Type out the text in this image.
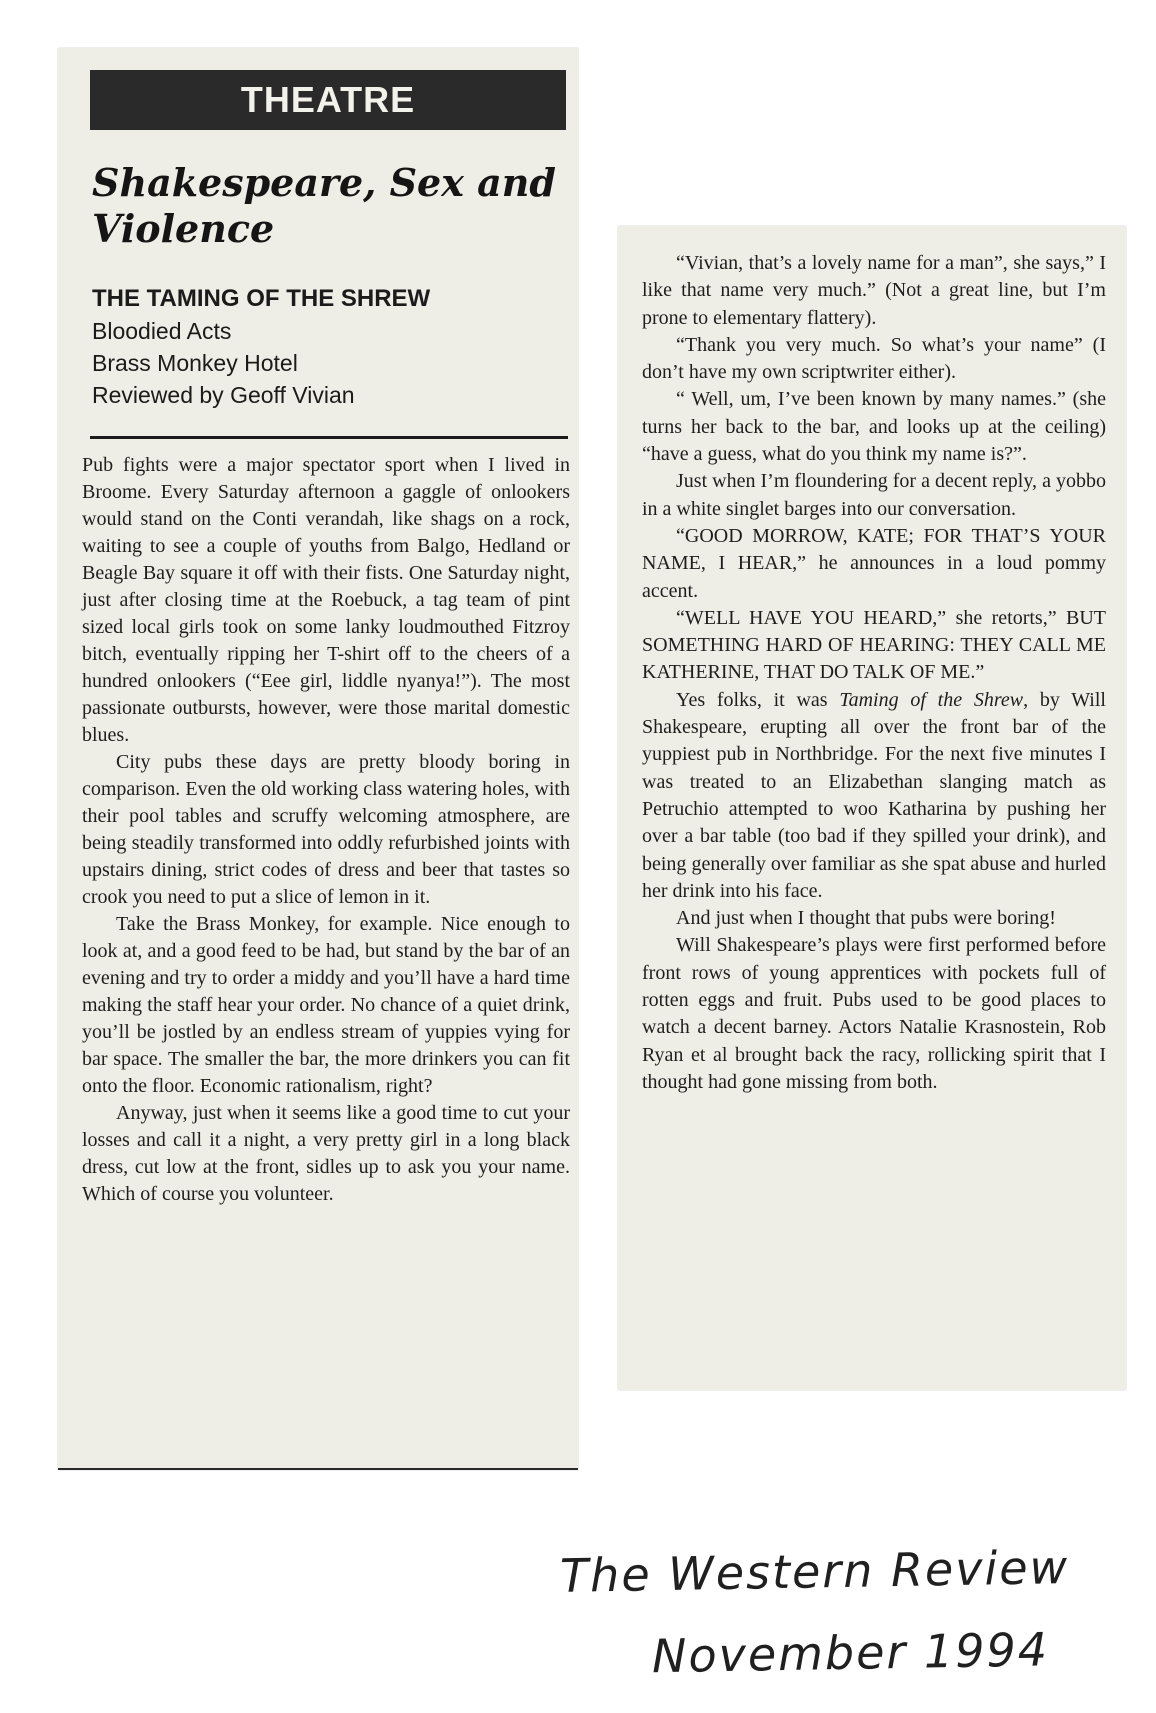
THEATRE
Shakespeare, Sex and Violence
THE TAMING OF THE SHREW
Bloodied Acts
Brass Monkey Hotel
Reviewed by Geoff Vivian

Pub fights were a major spectator sport when I lived in Broome. Every Saturday afternoon a gaggle of onlookers would stand on the Conti verandah, like shags on a rock, waiting to see a couple of youths from Balgo, Hedland or Beagle Bay square it off with their fists. One Saturday night, just after closing time at the Roebuck, a tag team of pint sized local girls took on some lanky loudmouthed Fitzroy bitch, eventually ripping her T-shirt off to the cheers of a hundred onlookers (“Eee girl, liddle nyanya!”). The most passionate outbursts, however, were those marital domestic blues.

City pubs these days are pretty bloody boring in comparison. Even the old working class watering holes, with their pool tables and scruffy welcoming atmosphere, are being steadily transformed into oddly refurbished joints with upstairs dining, strict codes of dress and beer that tastes so crook you need to put a slice of lemon in it.

Take the Brass Monkey, for example. Nice enough to look at, and a good feed to be had, but stand by the bar of an evening and try to order a middy and you’ll have a hard time making the staff hear your order. No chance of a quiet drink, you’ll be jostled by an endless stream of yuppies vying for bar space. The smaller the bar, the more drinkers you can fit onto the floor. Economic rationalism, right?

Anyway, just when it seems like a good time to cut your losses and call it a night, a very pretty girl in a long black dress, cut low at the front, sidles up to ask you your name. Which of course you volunteer.

“Vivian, that’s a lovely name for a man”, she says,” I like that name very much.” (Not a great line, but I’m prone to elementary flattery).

“Thank you very much. So what’s your name” (I don’t have my own scriptwriter either).

“ Well, um, I’ve been known by many names.” (she turns her back to the bar, and looks up at the ceiling) “have a guess, what do you think my name is?”.

Just when I’m floundering for a decent reply, a yobbo in a white singlet barges into our conversation.

“GOOD MORROW, KATE; FOR THAT’S YOUR NAME, I HEAR,” he announces in a loud pommy accent.

“WELL HAVE YOU HEARD,” she retorts,” BUT SOMETHING HARD OF HEARING: THEY CALL ME KATHERINE, THAT DO TALK OF ME.”

Yes folks, it was Taming of the Shrew, by Will Shakespeare, erupting all over the front bar of the yuppiest pub in Northbridge. For the next five minutes I was treated to an Elizabethan slanging match as Petruchio attempted to woo Katharina by pushing her over a bar table (too bad if they spilled your drink), and being generally over familiar as she spat abuse and hurled her drink into his face.

And just when I thought that pubs were boring!

Will Shakespeare’s plays were first performed before front rows of young apprentices with pockets full of rotten eggs and fruit. Pubs used to be good places to watch a decent barney. Actors Natalie Krasnostein, Rob Ryan et al brought back the racy, rollicking spirit that I thought had gone missing from both.

The Western Review
November 1994
